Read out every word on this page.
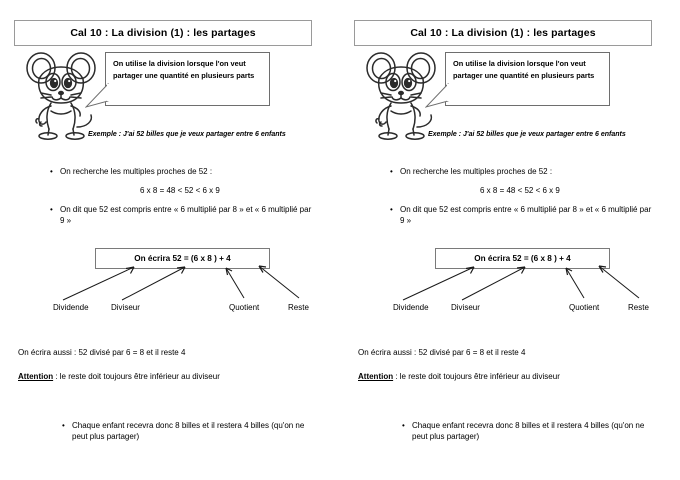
Cal 10 : La division (1) : les partages
On utilise la division lorsque l'on veut partager une quantité en plusieurs parts
Exemple : J'ai 52 billes que je veux partager entre 6 enfants
• On recherche les multiples proches de 52 :
6 x 8 = 48 < 52 < 6 x 9
• On dit que 52 est compris entre « 6 multiplié par 8 » et « 6 multiplié par 9 »
On écrira 52 = (6 x 8 ) + 4
Dividende	Diviseur	Quotient	Reste
On écrira aussi : 52 divisé par 6 = 8 et il reste 4
Attention : le reste doit toujours être inférieur au diviseur
• Chaque enfant recevra donc 8 billes et il restera 4 billes (qu'on ne peut plus partager)
Cal 10 : La division (1) : les partages
On utilise la division lorsque l'on veut partager une quantité en plusieurs parts
Exemple : J'ai 52 billes que je veux partager entre 6 enfants
• On recherche les multiples proches de 52 :
6 x 8 = 48 < 52 < 6 x 9
• On dit que 52 est compris entre « 6 multiplié par 8 » et « 6 multiplié par 9 »
On écrira 52 = (6 x 8 ) + 4
Dividende	Diviseur	Quotient	Reste
On écrira aussi : 52 divisé par 6 = 8 et il reste 4
Attention : le reste doit toujours être inférieur au diviseur
• Chaque enfant recevra donc 8 billes et il restera 4 billes (qu'on ne peut plus partager)
